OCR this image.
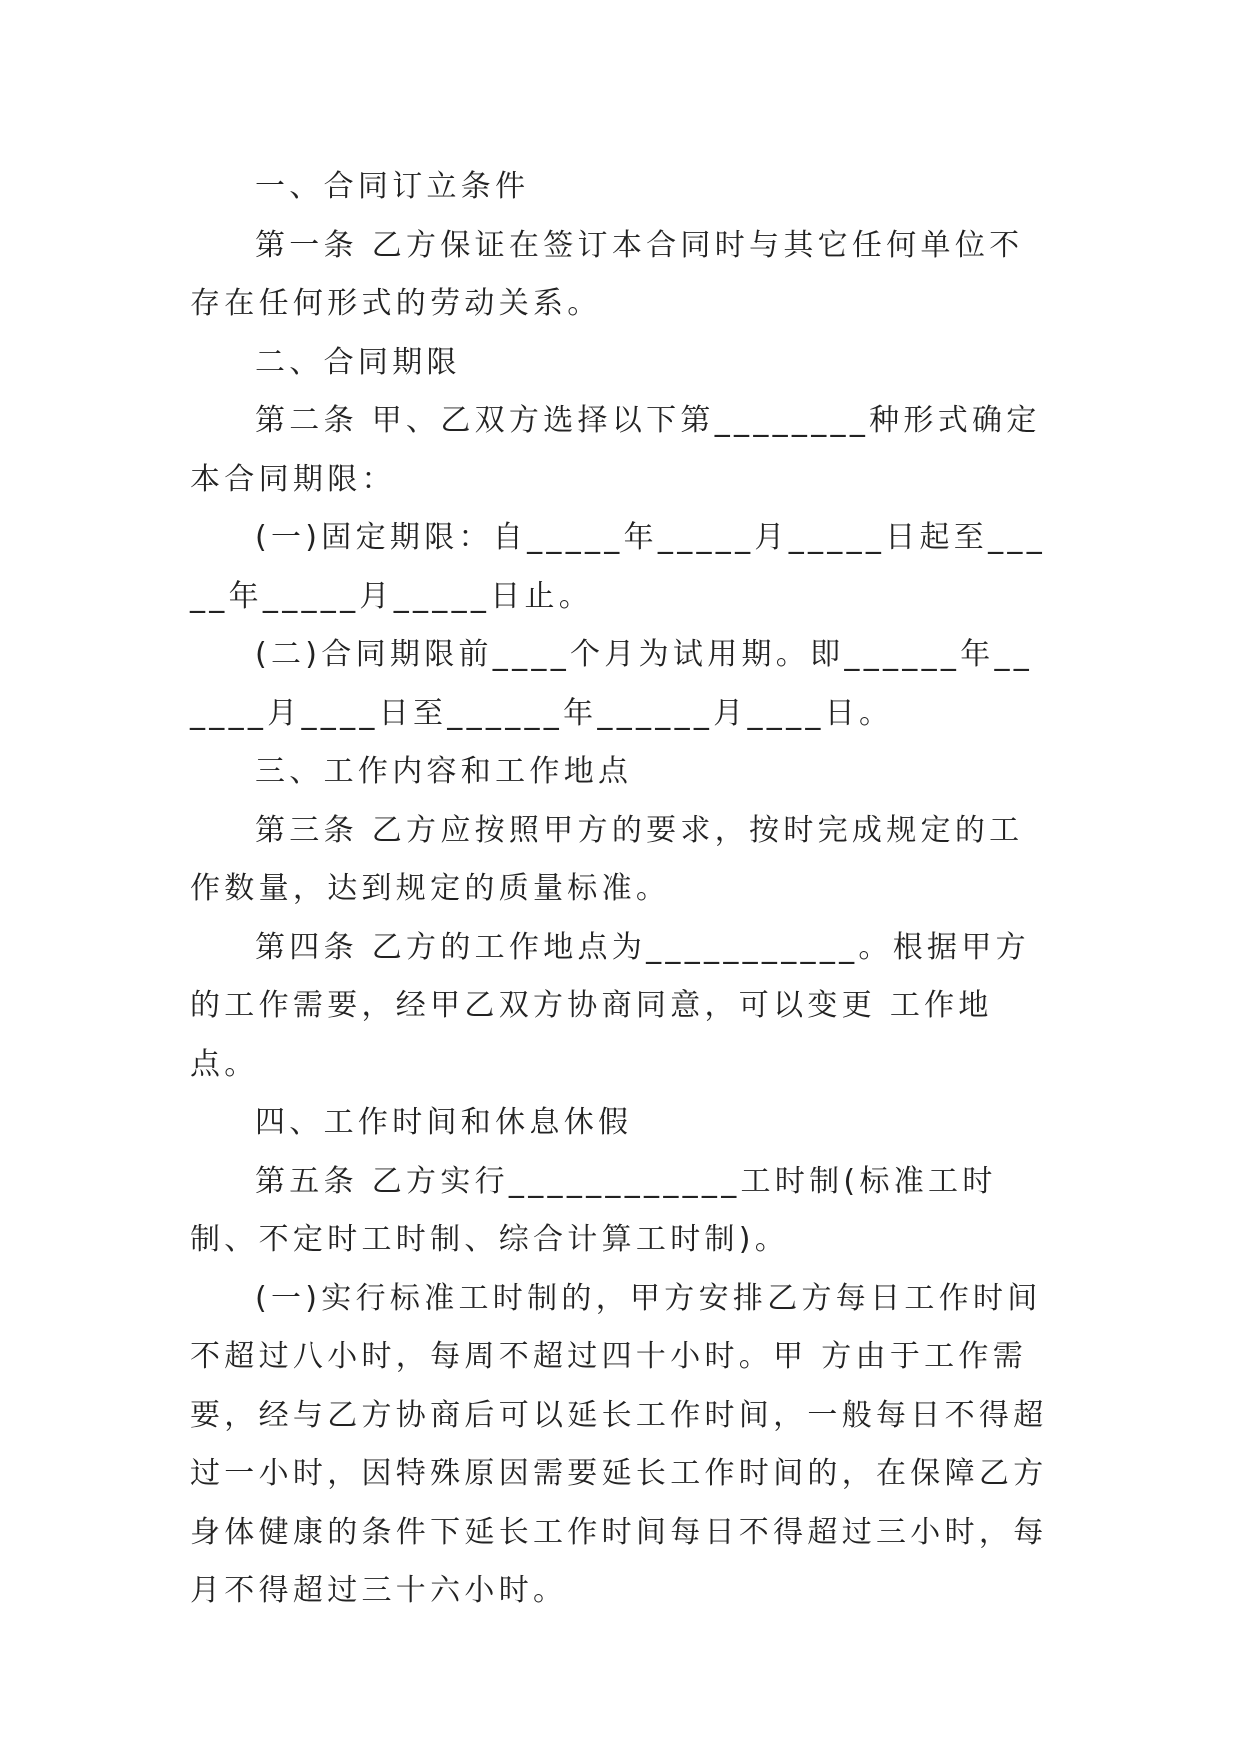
一、合同订立条件

第一条 乙方保证在签订本合同时与其它任何单位不存在任何形式的劳动关系。

二、合同期限

第二条 甲、乙双方选择以下第________种形式确定本合同期限：

(一)固定期限：自_____年_____月_____日起至_____年_____月_____日止。

(二)合同期限前____个月为试用期。即______年______月____日至______年______月____日。

三、工作内容和工作地点

第三条 乙方应按照甲方的要求，按时完成规定的工作数量，达到规定的质量标准。

第四条 乙方的工作地点为___________。根据甲方的工作需要，经甲乙双方协商同意，可以变更 工作地点。

四、工作时间和休息休假

第五条 乙方实行____________工时制(标准工时制、不定时工时制、综合计算工时制)。

(一)实行标准工时制的，甲方安排乙方每日工作时间不超过八小时，每周不超过四十小时。甲 方由于工作需要，经与乙方协商后可以延长工作时间，一般每日不得超过一小时，因特殊原因需要延长工作时间的，在保障乙方身体健康的条件下延长工作时间每日不得超过三小时，每月不得超过三十六小时。
